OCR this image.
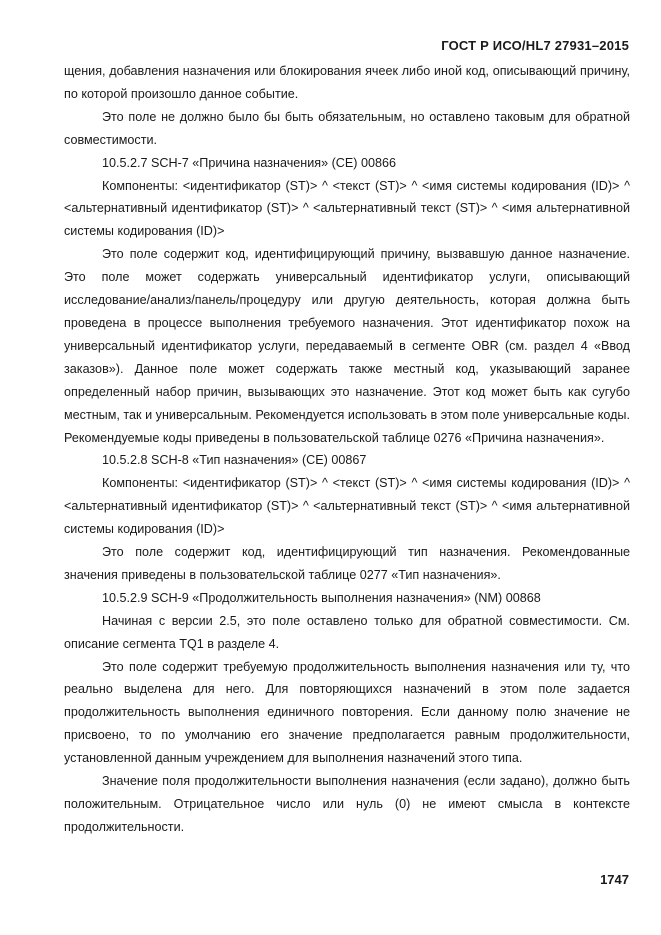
ГОСТ Р ИСО/HL7 27931–2015

щения, добавления назначения или блокирования ячеек либо иной код, описывающий причину, по которой произошло данное событие.

Это поле не должно было бы быть обязательным, но оставлено таковым для обратной совместимости.

10.5.2.7 SCH-7 «Причина назначения» (CE) 00866

Компоненты: <идентификатор (ST)> ^ <текст (ST)> ^ <имя системы кодирования (ID)> ^ <альтернативный идентификатор (ST)> ^ <альтернативный текст (ST)> ^ <имя альтернативной системы кодирования (ID)>

Это поле содержит код, идентифицирующий причину, вызвавшую данное назначение. Это поле может содержать универсальный идентификатор услуги, описывающий исследование/анализ/панель/процедуру или другую деятельность, которая должна быть проведена в процессе выполнения требуемого назначения. Этот идентификатор похож на универсальный идентификатор услуги, передаваемый в сегменте OBR (см. раздел 4 «Ввод заказов»). Данное поле может содержать также местный код, указывающий заранее определенный набор причин, вызывающих это назначение. Этот код может быть как сугубо местным, так и универсальным. Рекомендуется использовать в этом поле универсальные коды. Рекомендуемые коды приведены в пользовательской таблице 0276 «Причина назначения».

10.5.2.8 SCH-8 «Тип назначения» (CE) 00867

Компоненты: <идентификатор (ST)> ^ <текст (ST)> ^ <имя системы кодирования (ID)> ^ <альтернативный идентификатор (ST)> ^ <альтернативный текст (ST)> ^ <имя альтернативной системы кодирования (ID)>

Это поле содержит код, идентифицирующий тип назначения. Рекомендованные значения приведены в пользовательской таблице 0277 «Тип назначения».

10.5.2.9 SCH-9 «Продолжительность выполнения назначения» (NM) 00868

Начиная с версии 2.5, это поле оставлено только для обратной совместимости. См. описание сегмента TQ1 в разделе 4.

Это поле содержит требуемую продолжительность выполнения назначения или ту, что реально выделена для него. Для повторяющихся назначений в этом поле задается продолжительность выполнения единичного повторения. Если данному полю значение не присвоено, то по умолчанию его значение предполагается равным продолжительности, установленной данным учреждением для выполнения назначений этого типа.

Значение поля продолжительности выполнения назначения (если задано), должно быть положительным. Отрицательное число или нуль (0) не имеют смысла в контексте продолжительности.

1747
